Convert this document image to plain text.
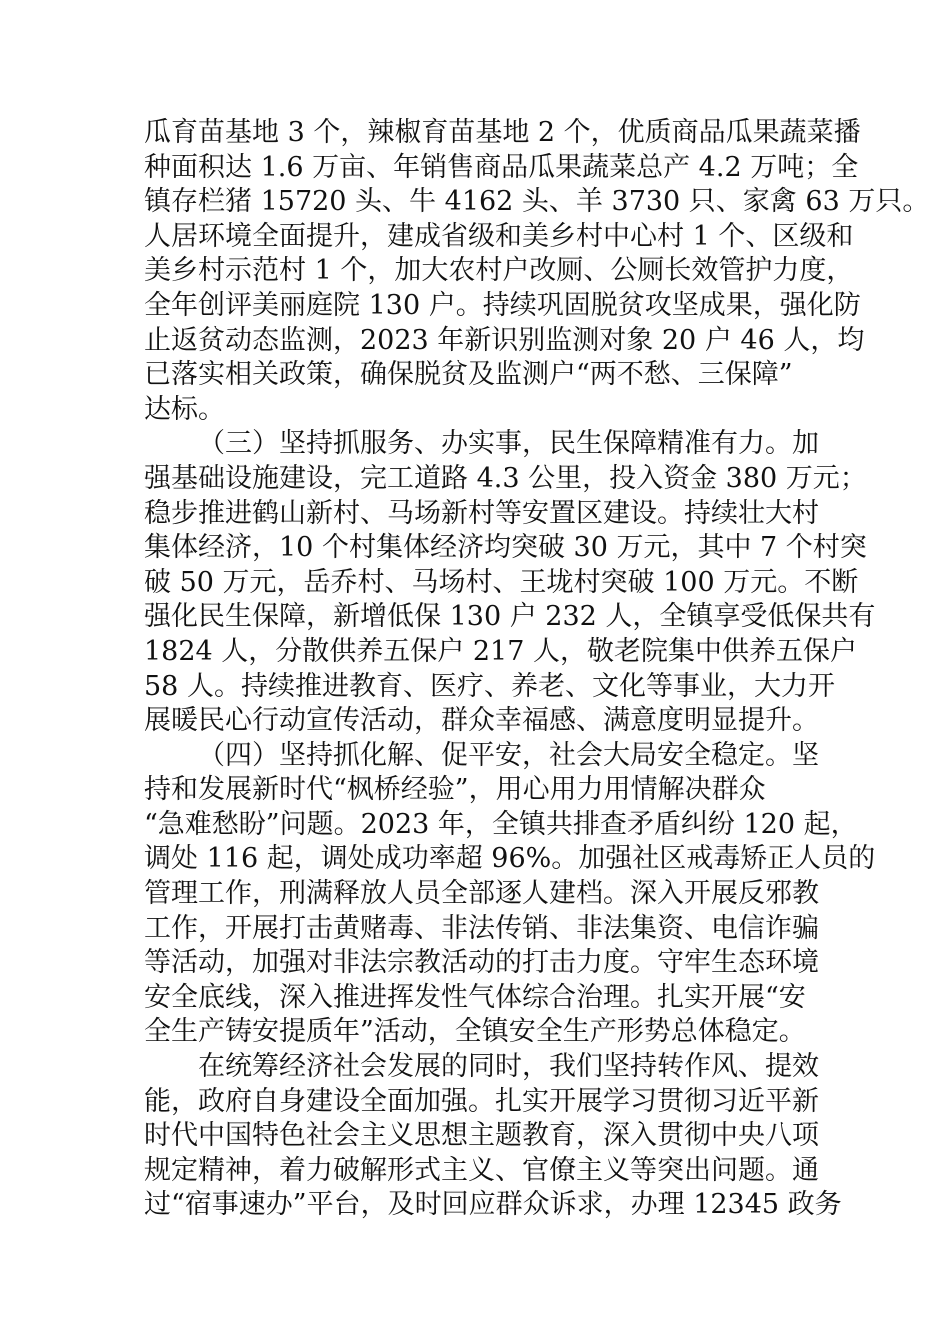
瓜育苗基地 3 个，辣椒育苗基地 2 个，优质商品瓜果蔬菜播
种面积达 1.6 万亩、年销售商品瓜果蔬菜总产 4.2 万吨；全
镇存栏猪 15720 头、牛 4162 头、羊 3730 只、家禽 63 万只。
人居环境全面提升，建成省级和美乡村中心村 1 个、区级和
美乡村示范村 1 个，加大农村户改厕、公厕长效管护力度，
全年创评美丽庭院 130 户。持续巩固脱贫攻坚成果，强化防
止返贫动态监测，2023 年新识别监测对象 20 户 46 人，均
已落实相关政策，确保脱贫及监测户“两不愁、三保障”
达标。
（三）坚持抓服务、办实事，民生保障精准有力。加
强基础设施建设，完工道路 4.3 公里，投入资金 380 万元；
稳步推进鹤山新村、马场新村等安置区建设。持续壮大村
集体经济，10 个村集体经济均突破 30 万元，其中 7 个村突
破 50 万元，岳乔村、马场村、王垅村突破 100 万元。不断
强化民生保障，新增低保 130 户 232 人，全镇享受低保共有
1824 人，分散供养五保户 217 人，敬老院集中供养五保户
58 人。持续推进教育、医疗、养老、文化等事业，大力开
展暖民心行动宣传活动，群众幸福感、满意度明显提升。
（四）坚持抓化解、促平安，社会大局安全稳定。坚
持和发展新时代“枫桥经验”，用心用力用情解决群众
“急难愁盼”问题。2023 年，全镇共排查矛盾纠纷 120 起，
调处 116 起，调处成功率超 96%。加强社区戒毒矫正人员的
管理工作，刑满释放人员全部逐人建档。深入开展反邪教
工作，开展打击黄赌毒、非法传销、非法集资、电信诈骗
等活动，加强对非法宗教活动的打击力度。守牢生态环境
安全底线，深入推进挥发性气体综合治理。扎实开展“安
全生产铸安提质年”活动，全镇安全生产形势总体稳定。
在统筹经济社会发展的同时，我们坚持转作风、提效
能，政府自身建设全面加强。扎实开展学习贯彻习近平新
时代中国特色社会主义思想主题教育，深入贯彻中央八项
规定精神，着力破解形式主义、官僚主义等突出问题。通
过“宿事速办”平台，及时回应群众诉求，办理 12345 政务
